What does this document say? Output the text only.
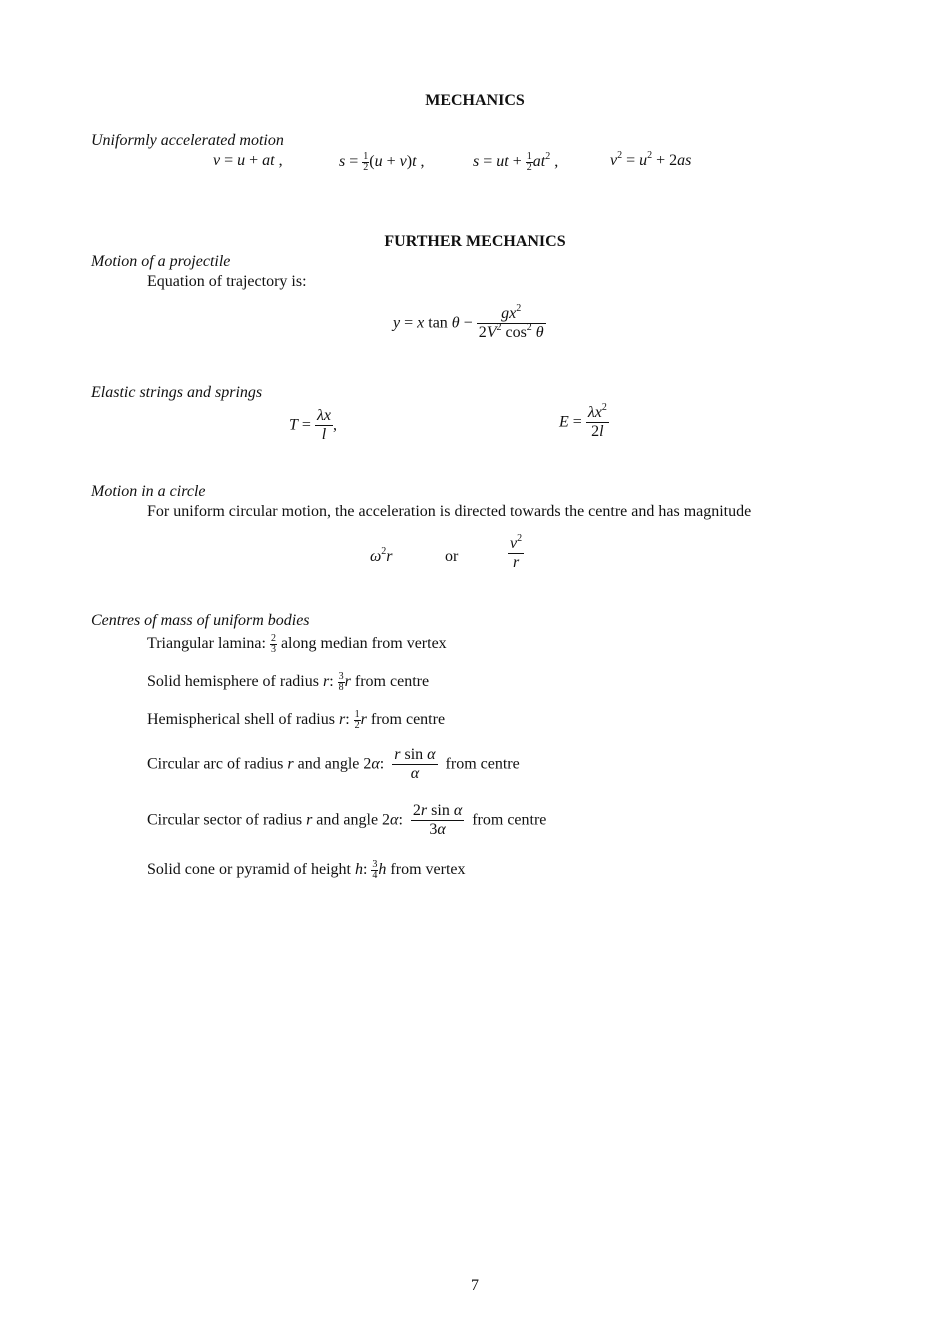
MECHANICS
Uniformly accelerated motion
v = u + at ,	$s = \frac{1}{2} (u + v)t$ ,	s = ut + $\frac{1}{2} at^2$ ,	$v^2 = u^2 + 2as$
FURTHER MECHANICS
Motion of a projectile
Equation of trajectory is:
y = x $\tan \theta - \frac{gx^2}{2V^2 \cos^2 \theta}$
Elastic strings and springs
$T = \frac{\lambda x}{l}$ ,	$E = \frac{\lambda x^2}{2l}$
Motion in a circle
For uniform circular motion, the acceleration is directed towards the centre and has magnitude
$\omega^2r$	or	$\frac{v^2}{r}$
Centres of mass of uniform bodies
Triangular lamina: $\frac{2}{3}$ along median from vertex
Solid hemisphere of radius r: $\frac{3}{8}$ r from centre
Hemispherical shell of radius r: $\frac{1}{2}$ r from centre
Circular arc of radius r and angle 2α: $\frac{\text{r sin α}}{\alpha}$ from centre
Circular sector of radius r and angle 2α: $\frac{\text{2r sin α}}{3\alpha}$ from centre
Solid cone or pyramid of height h: $\frac{3}{4}$ h from vertex
7
